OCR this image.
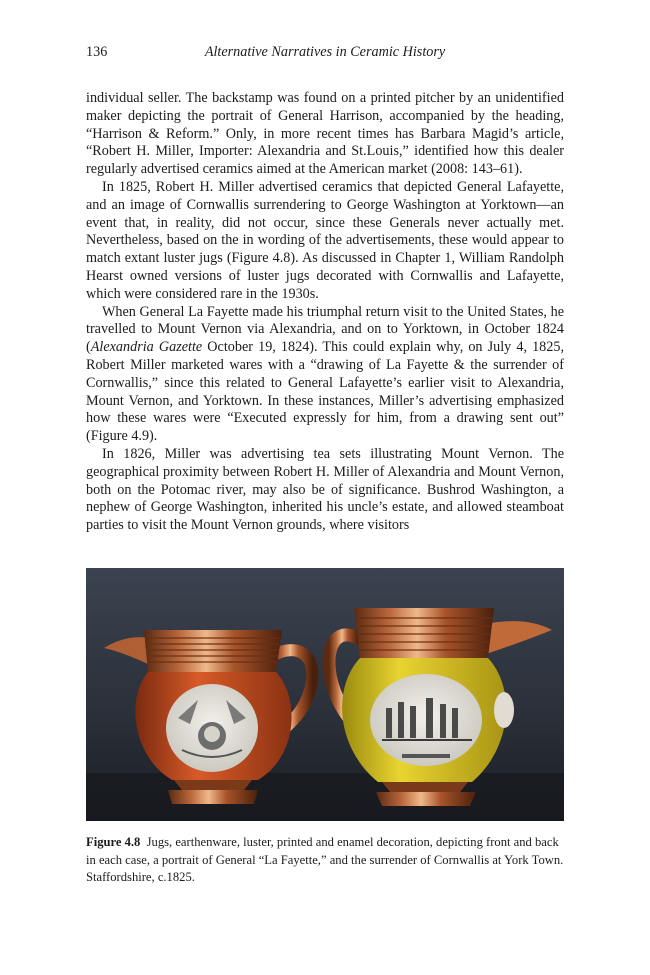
136	Alternative Narratives in Ceramic History

individual seller. The backstamp was found on a printed pitcher by an unidentified maker depicting the portrait of General Harrison, accompanied by the heading, “Harrison & Reform.” Only, in more recent times has Barbara Magid’s article, “Robert H. Miller, Importer: Alexandria and St.Louis,” identified how this dealer regularly advertised ceramics aimed at the American market (2008: 143–61).

In 1825, Robert H. Miller advertised ceramics that depicted General Lafayette, and an image of Cornwallis surrendering to George Washington at Yorktown—an event that, in reality, did not occur, since these Generals never actually met. Nevertheless, based on the in wording of the advertisements, these would appear to match extant luster jugs (Figure 4.8). As discussed in Chapter 1, William Randolph Hearst owned versions of luster jugs decorated with Cornwallis and Lafayette, which were considered rare in the 1930s.

When General La Fayette made his triumphal return visit to the United States, he travelled to Mount Vernon via Alexandria, and on to Yorktown, in October 1824 (Alexandria Gazette October 19, 1824). This could explain why, on July 4, 1825, Robert Miller marketed wares with a “drawing of La Fayette & the surrender of Cornwallis,” since this related to General Lafayette’s earlier visit to Alexandria, Mount Vernon, and Yorktown. In these instances, Miller’s advertising emphasized how these wares were “Executed expressly for him, from a drawing sent out” (Figure 4.9).

In 1826, Miller was advertising tea sets illustrating Mount Vernon. The geographical proximity between Robert H. Miller of Alexandria and Mount Vernon, both on the Potomac river, may also be of significance. Bushrod Washington, a nephew of George Washington, inherited his uncle’s estate, and allowed steamboat parties to visit the Mount Vernon grounds, where visitors

Figure 4.8 Jugs, earthenware, luster, printed and enamel decoration, depicting front and back in each case, a portrait of General “La Fayette,” and the surrender of Cornwallis at York Town. Staffordshire, c.1825.
